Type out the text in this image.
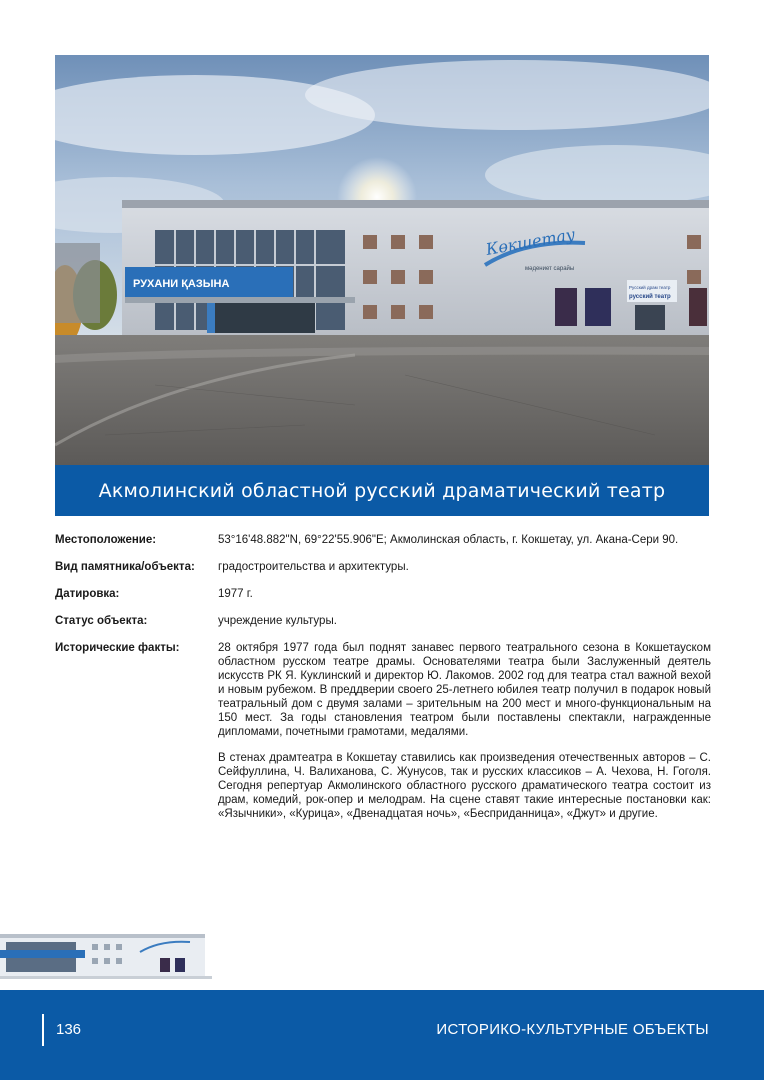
РУХАНИ ҚАЗЫНА
Көкшетау
мәдениет сарайы
Русский драм театр
русский театр
Акмолинский областной русский драматический театр
Местоположение:	53°16'48.882"N, 69°22'55.906"E; Акмолинская область, г. Кокшетау, ул. Акана-Сери 90.
Вид памятника/объекта:	градостроительства и архитектуры.
Датировка:	1977 г.
Статус объекта:	учреждение культуры.
Исторические факты:	28 октября 1977 года был поднят занавес первого театрального сезона в Кокшетауском областном русском театре драмы. Основателями театра были Заслуженный деятель искусств РК Я. Куклинский и директор Ю. Лакомов. 2002 год для театра стал важной вехой и новым рубежом. В преддверии своего 25-летнего юбилея театр получил в подарок новый театральный дом с двумя залами – зрительным на 200 мест и много-функциональным на 150 мест. За годы становления театром были поставлены спектакли, награжденные дипломами, почетными грамотами, медалями.

В стенах драмтеатра в Кокшетау ставились как произведения отечественных авторов – С. Сейфуллина, Ч. Валиханова, С. Жунусов, так и русских классиков – А. Чехова, Н. Гоголя. Сегодня репертуар Акмолинского областного русского драматического театра состоит из драм, комедий, рок-опер и мелодрам. На сцене ставят такие интересные постановки как: «Язычники», «Курица», «Двенадцатая ночь», «Бесприданница», «Джут» и другие.

136	ИСТОРИКО-КУЛЬТУРНЫЕ ОБЪЕКТЫ
